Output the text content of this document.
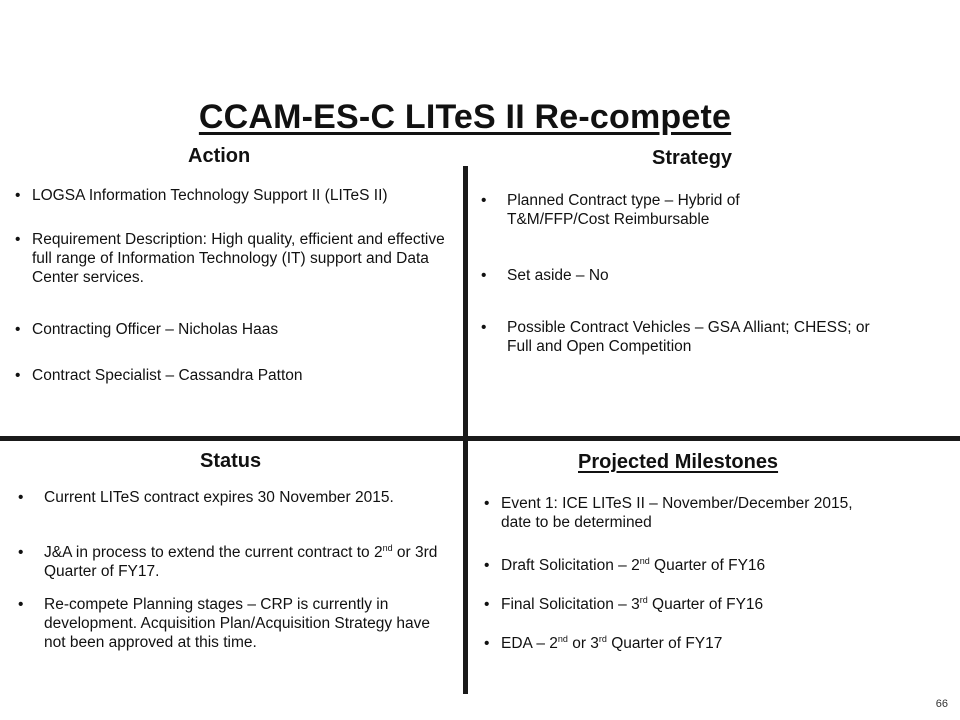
CCAM-ES-C LITeS II Re-compete
Action	Strategy
Status	Projected Milestones
• LOGSA Information Technology Support II (LITeS II)
• Requirement Description: High quality, efficient and effective full range of Information Technology (IT) support and Data Center services.
• Contracting Officer – Nicholas Haas
• Contract Specialist – Cassandra Patton
•	Planned Contract type – Hybrid of T&M/FFP/Cost Reimbursable
•	Set aside – No
•	Possible Contract Vehicles – GSA Alliant; CHESS; or Full and Open Competition
•	Current LITeS contract expires 30 November 2015.
•	J&A in process to extend the current contract to 2nd or 3rd Quarter of FY17.
•	Re-compete Planning stages – CRP is currently in development. Acquisition Plan/Acquisition Strategy have not been approved at this time.
• Event 1: ICE LITeS II – November/December 2015, date to be determined
• Draft Solicitation – 2nd Quarter of FY16
• Final Solicitation – 3rd Quarter of FY16
• EDA – 2nd or 3rd Quarter of FY17
66
